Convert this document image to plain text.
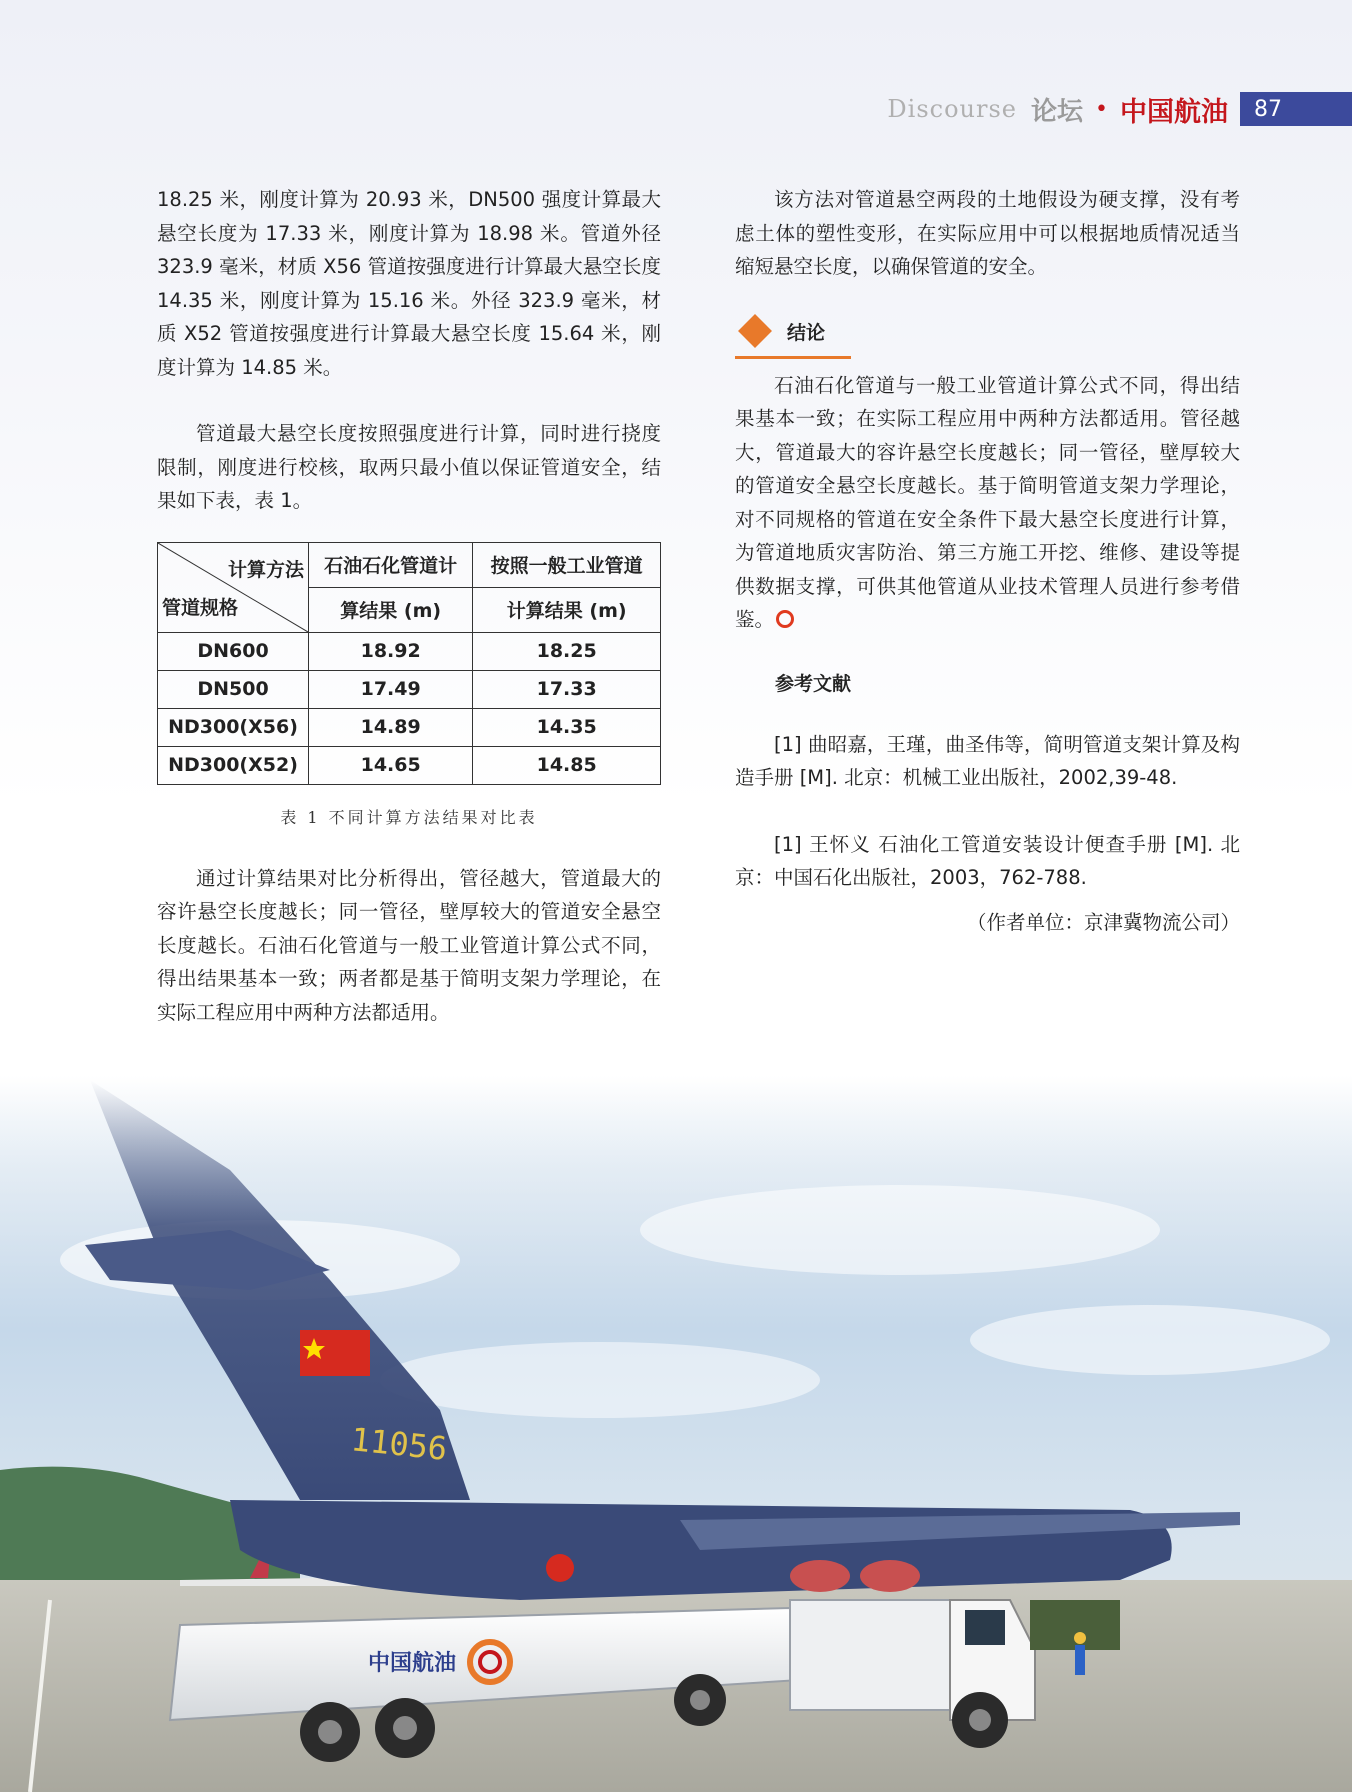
Discourse 论坛 • 中国航油	87

18.25 米，刚度计算为 20.93 米，DN500 强度计算最大悬空长度为 17.33 米，刚度计算为 18.98 米。管道外径 323.9 毫米，材质 X56 管道按强度进行计算最大悬空长度 14.35 米，刚度计算为 15.16 米。外径 323.9 毫米，材质 X52 管道按强度进行计算最大悬空长度 15.64 米，刚度计算为 14.85 米。

管道最大悬空长度按照强度进行计算，同时进行挠度限制，刚度进行校核，取两只最小值以保证管道安全，结果如下表，表 1。

计算方法
管道规格	石油石化管道计	按照一般工业管道
	算结果 (m)	计算结果 (m)
DN600	18.92	18.25
DN500	17.49	17.33
ND300(X56)	14.89	14.35
ND300(X52)	14.65	14.85
表 1 不同计算方法结果对比表

通过计算结果对比分析得出，管径越大，管道最大的容许悬空长度越长；同一管径，壁厚较大的管道安全悬空长度越长。石油石化管道与一般工业管道计算公式不同，得出结果基本一致；两者都是基于简明支架力学理论，在实际工程应用中两种方法都适用。

该方法对管道悬空两段的土地假设为硬支撑，没有考虑土体的塑性变形，在实际应用中可以根据地质情况适当缩短悬空长度，以确保管道的安全。

结论

石油石化管道与一般工业管道计算公式不同，得出结果基本一致；在实际工程应用中两种方法都适用。管径越大，管道最大的容许悬空长度越长；同一管径，壁厚较大的管道安全悬空长度越长。基于简明管道支架力学理论，对不同规格的管道在安全条件下最大悬空长度进行计算，为管道地质灾害防治、第三方施工开挖、维修、建设等提供数据支撑，可供其他管道从业技术管理人员进行参考借鉴。

参考文献

[1] 曲昭嘉，王瑾，曲圣伟等，简明管道支架计算及构造手册 [M]. 北京：机械工业出版社，2002,39-48.

[1] 王怀义 石油化工管道安装设计便查手册 [M]. 北京：中国石化出版社，2003，762-788.

（作者单位：京津冀物流公司）
11056
中国航油
